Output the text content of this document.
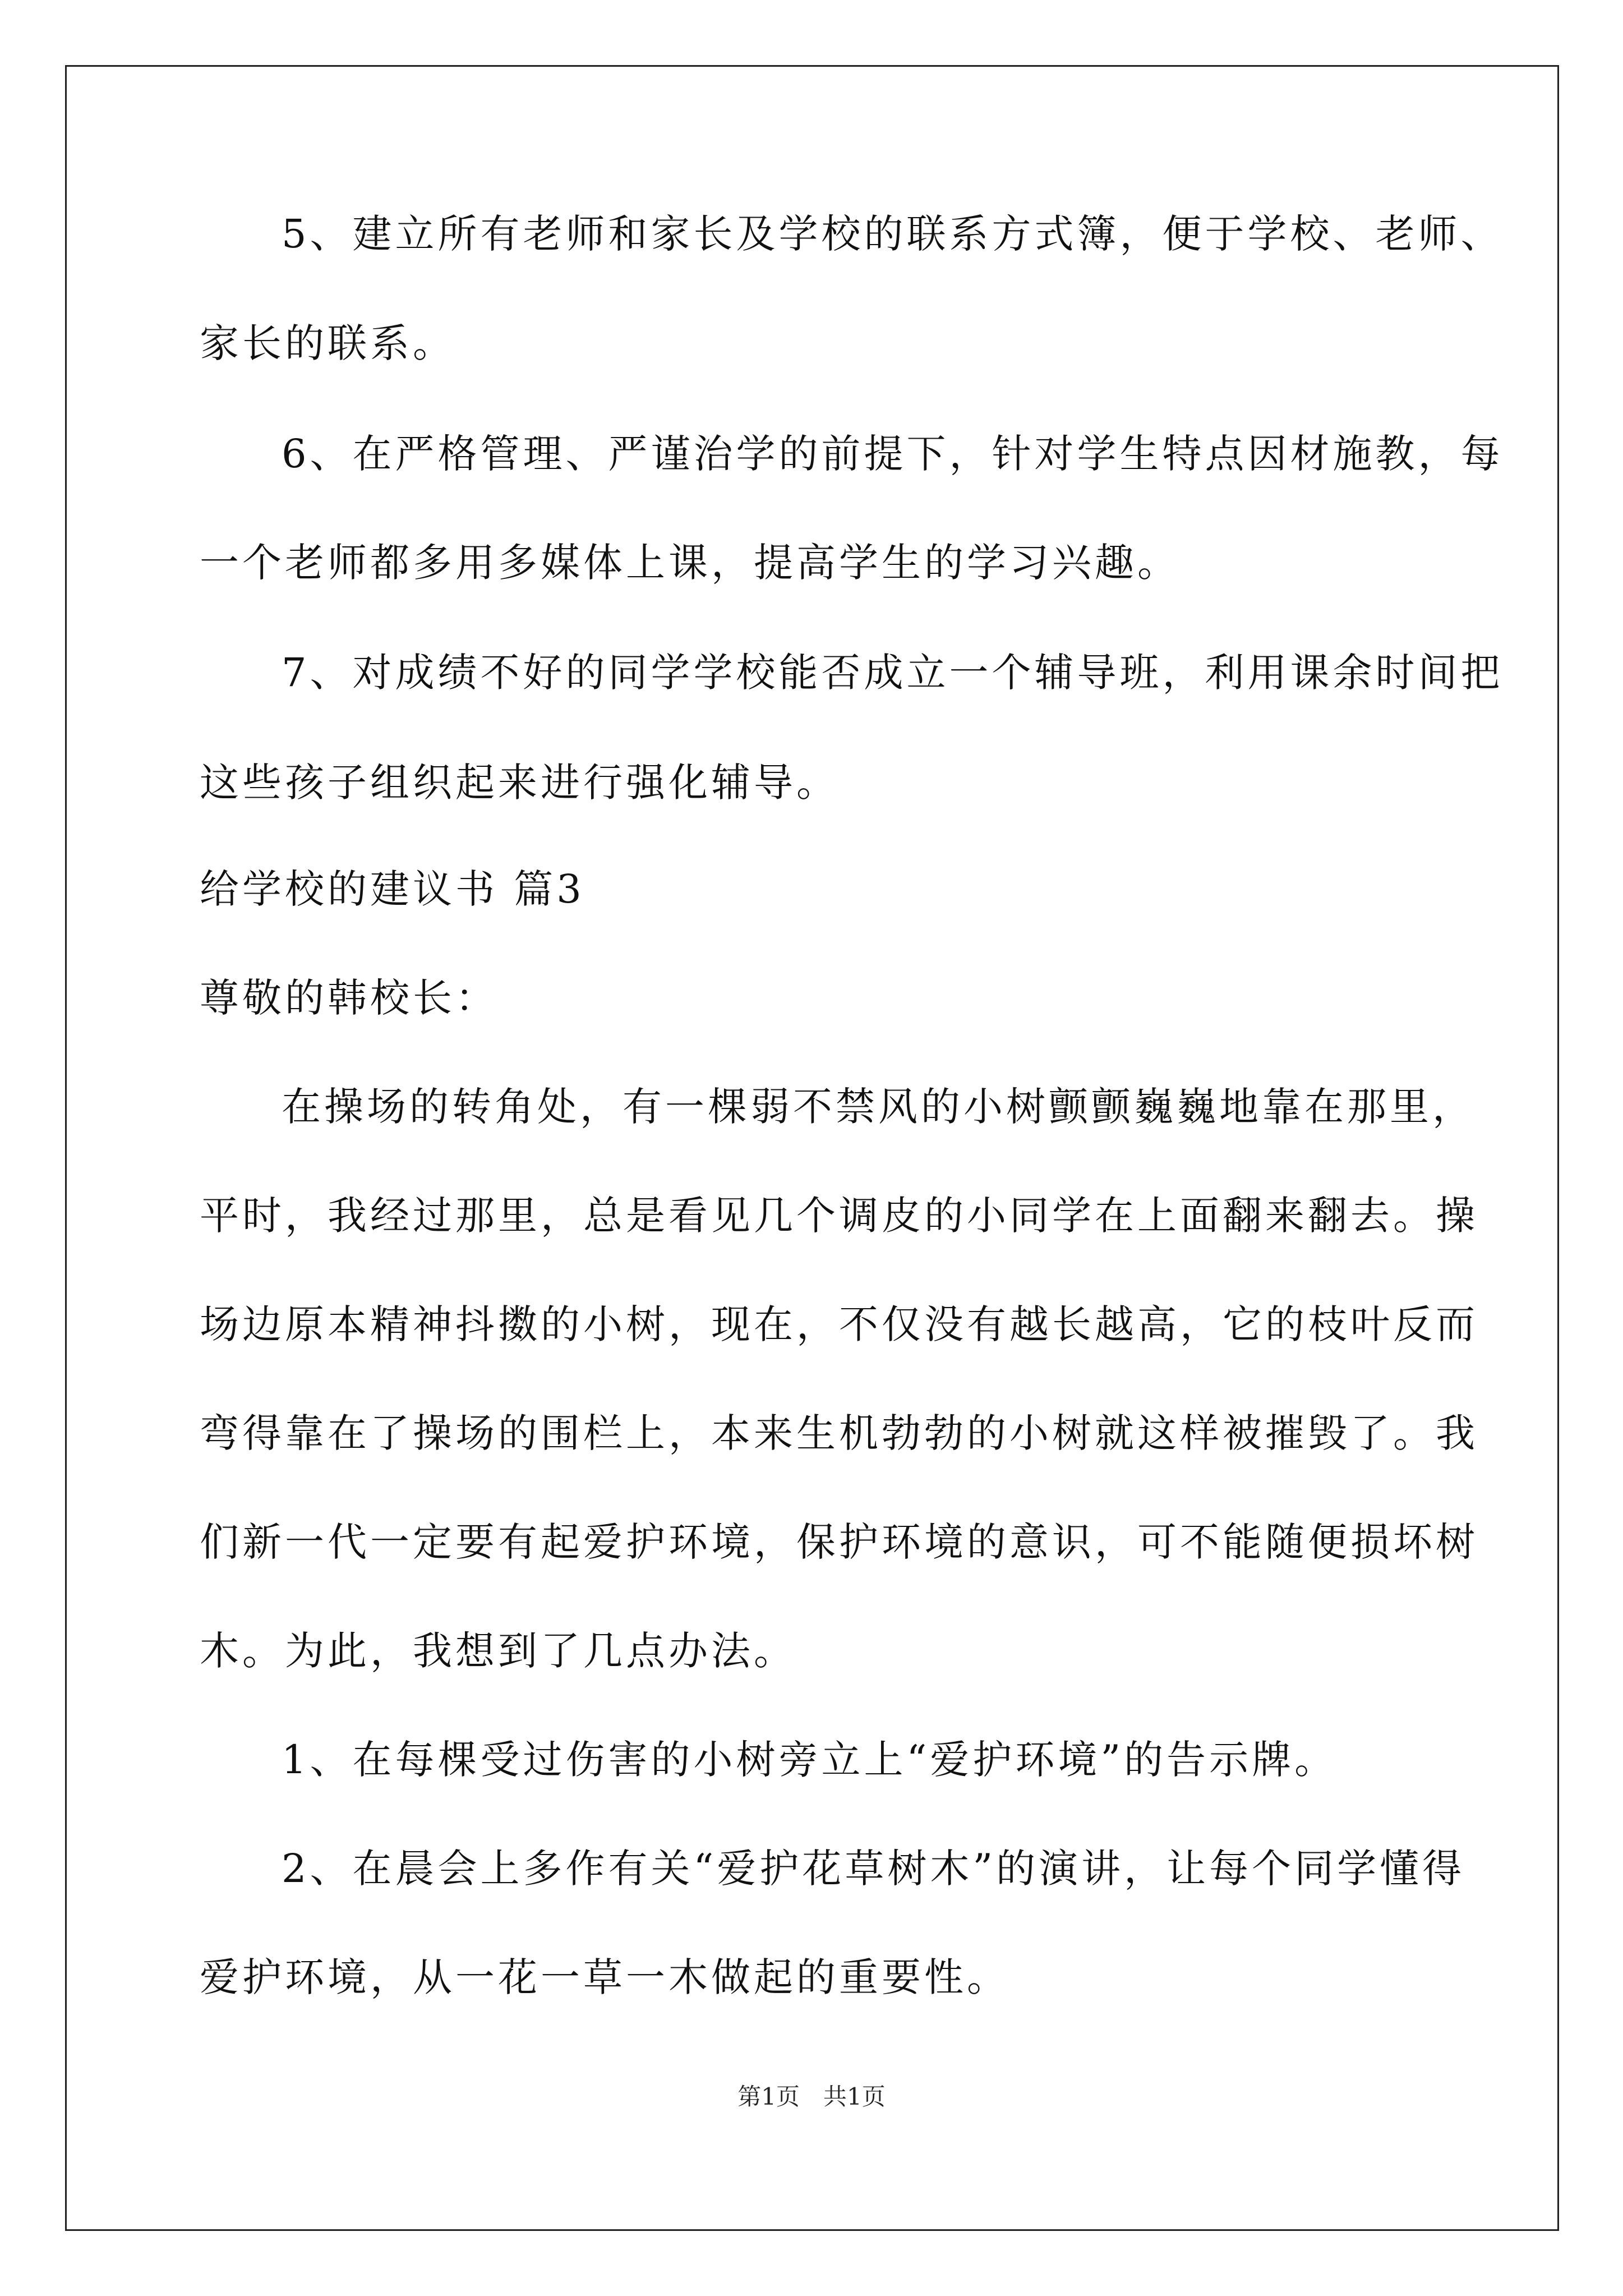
5、建立所有老师和家长及学校的联系方式簿，便于学校、老师、
家长的联系。
6、在严格管理、严谨治学的前提下，针对学生特点因材施教，每
一个老师都多用多媒体上课，提高学生的学习兴趣。
7、对成绩不好的同学学校能否成立一个辅导班，利用课余时间把
这些孩子组织起来进行强化辅导。
给学校的建议书 篇3
尊敬的韩校长：
在操场的转角处，有一棵弱不禁风的小树颤颤巍巍地靠在那里，
平时，我经过那里，总是看见几个调皮的小同学在上面翻来翻去。操
场边原本精神抖擞的小树，现在，不仅没有越长越高，它的枝叶反而
弯得靠在了操场的围栏上，本来生机勃勃的小树就这样被摧毁了。我
们新一代一定要有起爱护环境，保护环境的意识，可不能随便损坏树
木。为此，我想到了几点办法。
1、在每棵受过伤害的小树旁立上“爱护环境”的告示牌。
2、在晨会上多作有关“爱护花草树木”的演讲，让每个同学懂得
爱护环境，从一花一草一木做起的重要性。
第1页　共1页
